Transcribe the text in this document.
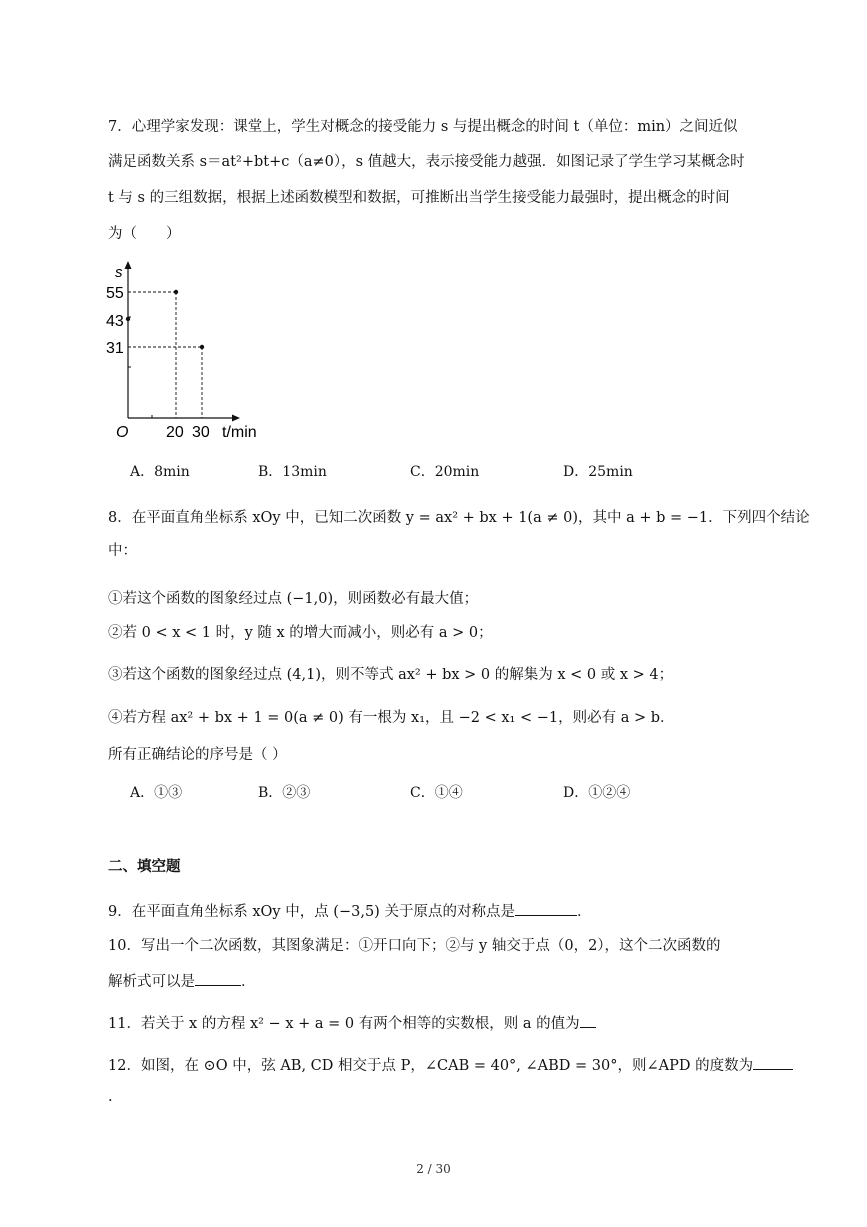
7．心理学家发现：课堂上，学生对概念的接受能力 s 与提出概念的时间 t（单位：min）之间近似
满足函数关系 s＝at²+bt+c（a≠0），s 值越大，表示接受能力越强．如图记录了学生学习某概念时
t 与 s 的三组数据，根据上述函数模型和数据，可推断出当学生接受能力最强时，提出概念的时间
为（　　）
s
55
43
31
O 20 30 t/min
A．8min	B．13min	C．20min	D．25min
8．在平面直角坐标系 xOy 中，已知二次函数 y = ax² + bx + 1(a ≠ 0)，其中 a + b = −1．下列四个结论
中：
①若这个函数的图象经过点 (−1,0)，则函数必有最大值；
②若 0 < x < 1 时，y 随 x 的增大而减小，则必有 a > 0；
③若这个函数的图象经过点 (4,1)，则不等式 ax² + bx > 0 的解集为 x < 0 或 x > 4；
④若方程 ax² + bx + 1 = 0(a ≠ 0) 有一根为 x₁，且 −2 < x₁ < −1，则必有 a > b．
所有正确结论的序号是（ ）
A．①③	B．②③	C．①④	D．①②④
二、填空题
9．在平面直角坐标系 xOy 中，点 (−3,5) 关于原点的对称点是	．
10．写出一个二次函数，其图象满足：①开口向下；②与 y 轴交于点（0，2），这个二次函数的
解析式可以是	．
11．若关于 x 的方程 x² − x + a = 0 有两个相等的实数根，则 a 的值为
12．如图，在 ⊙O 中，弦 AB, CD 相交于点 P，∠CAB = 40°, ∠ABD = 30°，则∠APD 的度数为
.
2 / 30
